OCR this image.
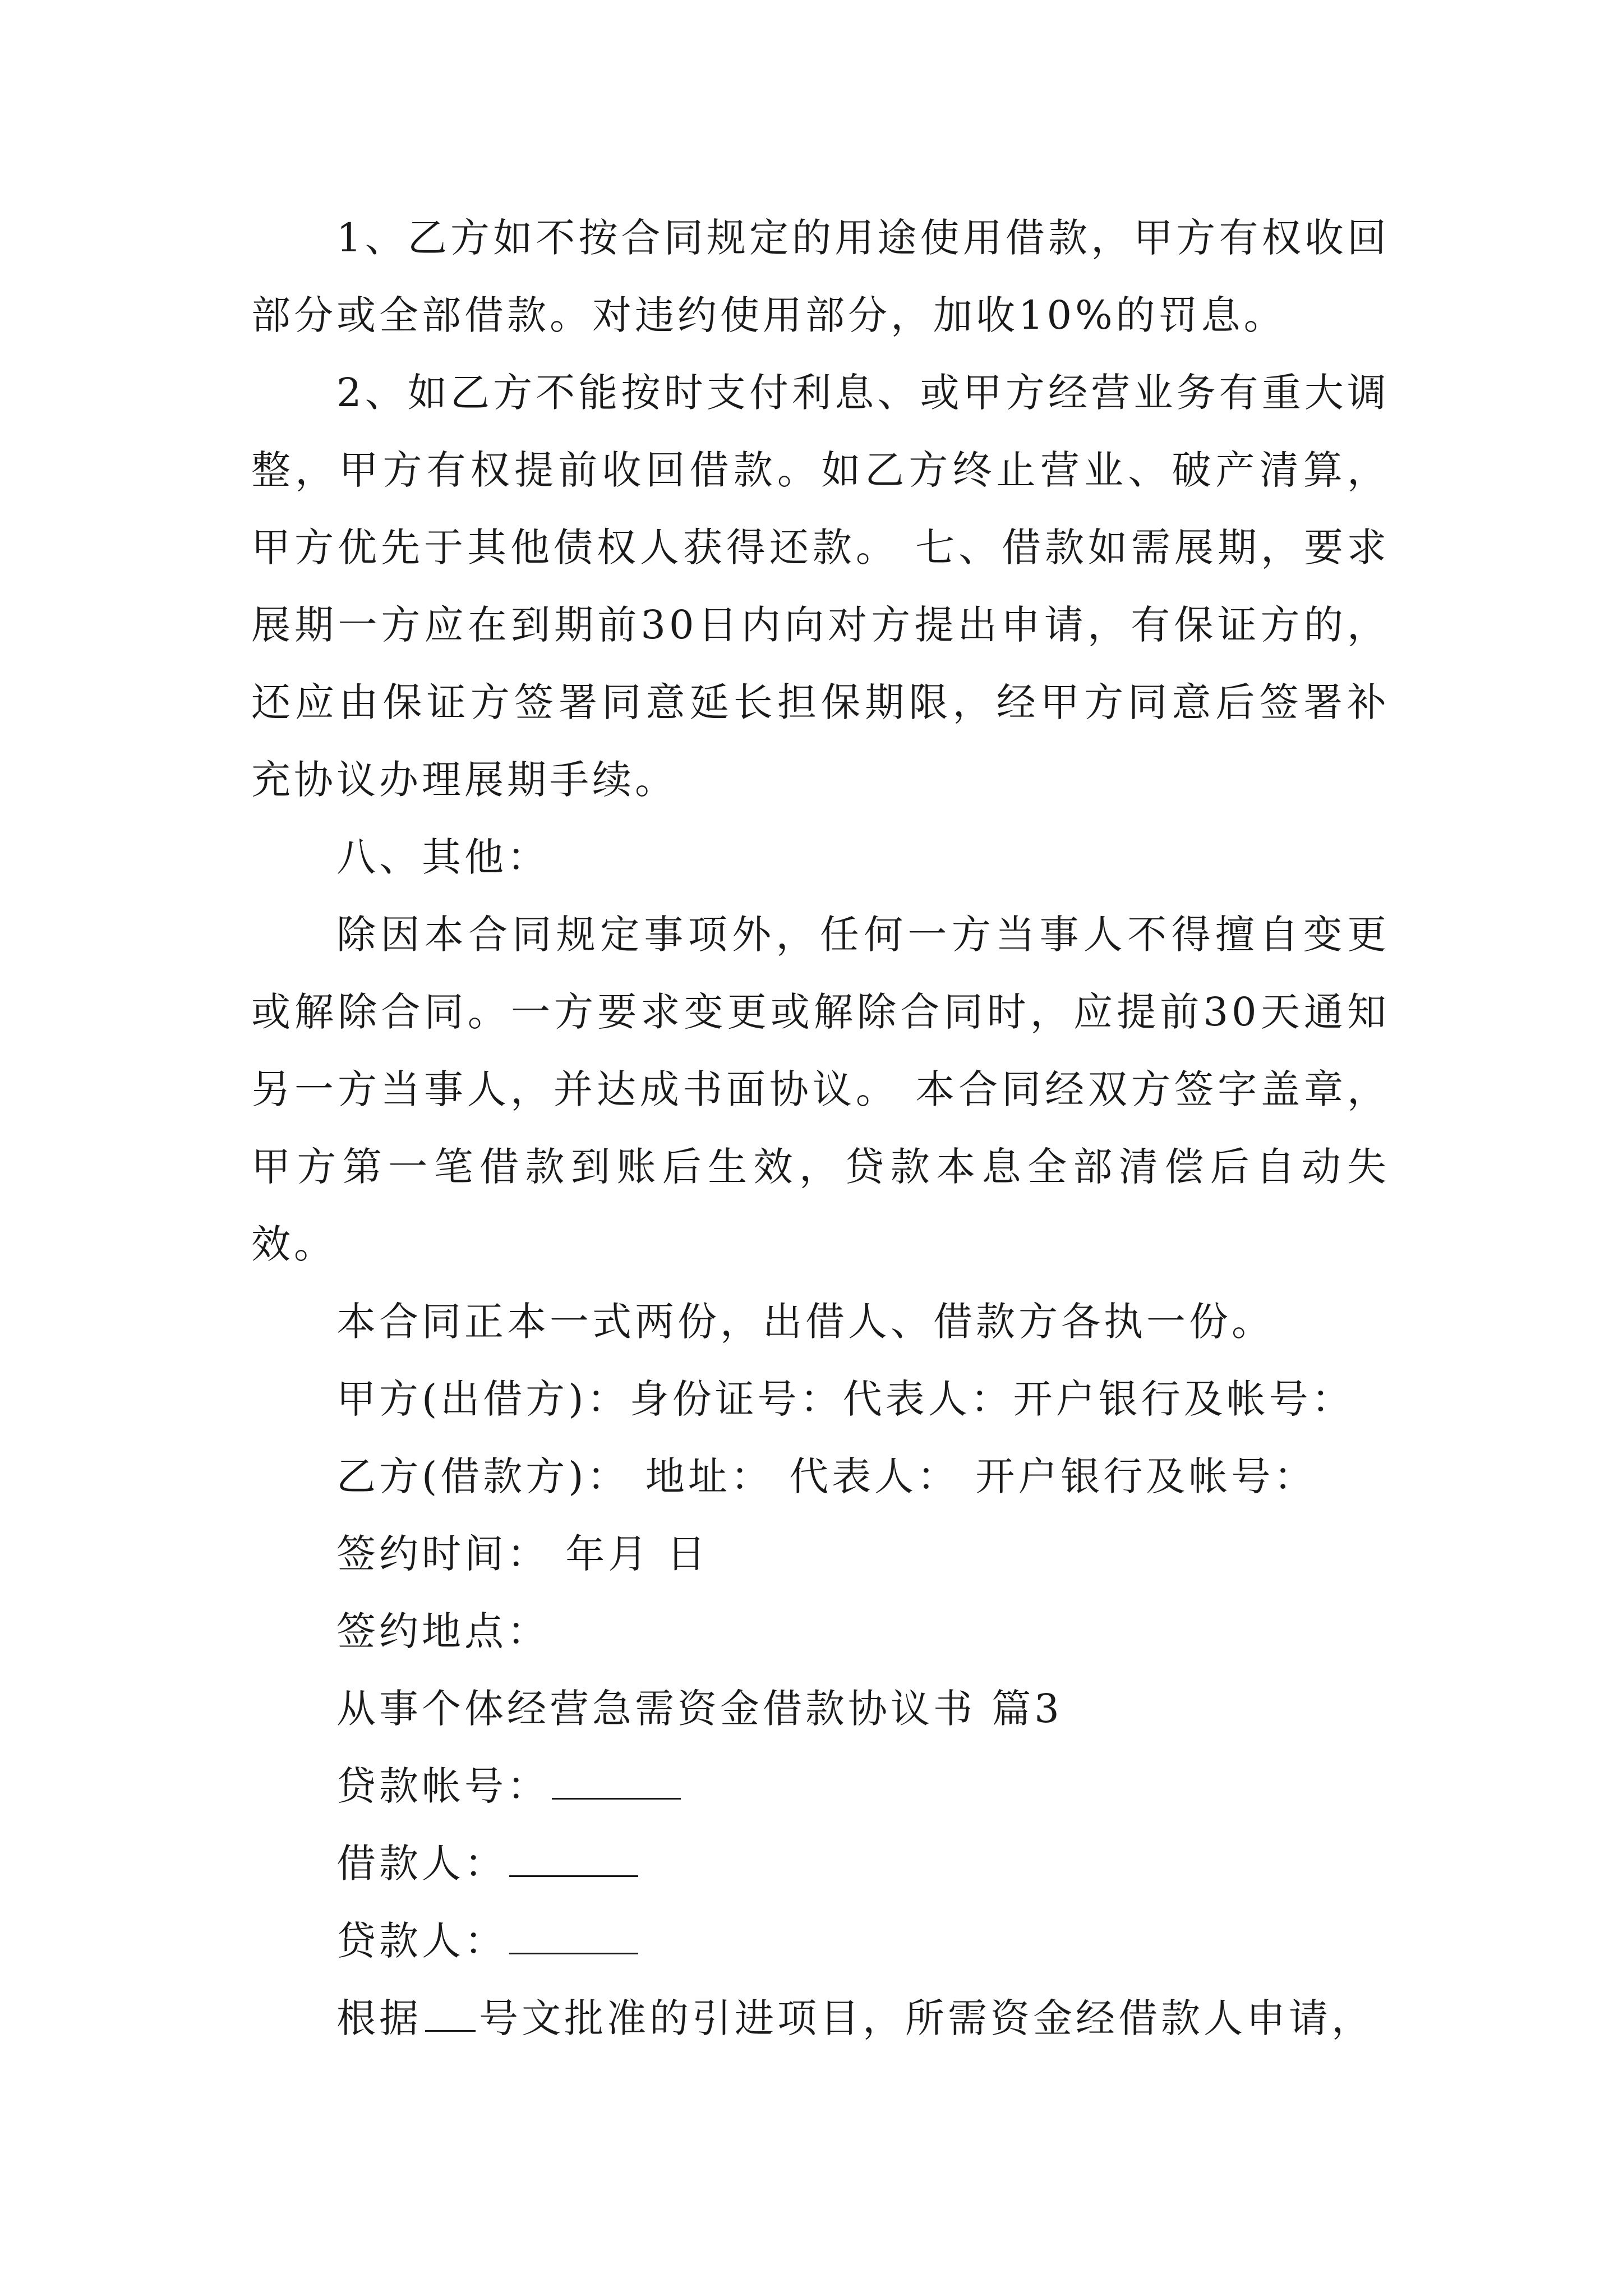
1、乙方如不按合同规定的用途使用借款，甲方有权收回部分或全部借款。对违约使用部分，加收10%的罚息。

2、如乙方不能按时支付利息、或甲方经营业务有重大调整，甲方有权提前收回借款。如乙方终止营业、破产清算，甲方优先于其他债权人获得还款。 七、借款如需展期，要求展期一方应在到期前30日内向对方提出申请，有保证方的，还应由保证方签署同意延长担保期限，经甲方同意后签署补充协议办理展期手续。

八、其他：

除因本合同规定事项外，任何一方当事人不得擅自变更或解除合同。一方要求变更或解除合同时，应提前30天通知另一方当事人，并达成书面协议。 本合同经双方签字盖章，甲方第一笔借款到账后生效，贷款本息全部清偿后自动失效。

本合同正本一式两份，出借人、借款方各执一份。

甲方(出借方)：身份证号：代表人：开户银行及帐号：

乙方(借款方)： 地址： 代表人： 开户银行及帐号：

签约时间： 年月 日

签约地点：

从事个体经营急需资金借款协议书 篇3

贷款帐号：

借款人：

贷款人：

根据 号文批准的引进项目，所需资金经借款人申请，
